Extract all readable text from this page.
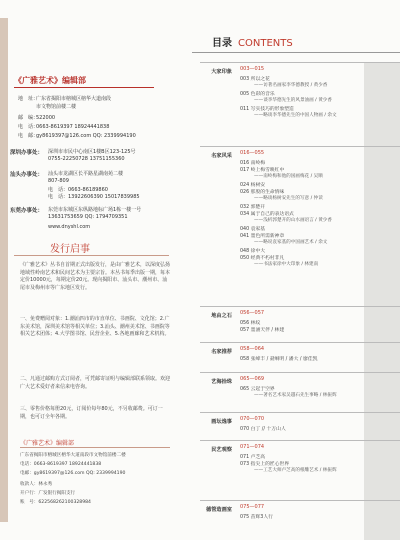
《广雅艺术》编辑部
地　址：广东省揭阳市榕城区榕华大道南段
市文物馆前楼二楼
邮　编：522000
电　话：0663-8619397 18924441838
电　邮：gy8619397@126.com QQ: 2339994190
深圳办事处： 深圳市市民中心南区1楼B区123-125号
0755-22250728 13751155360
汕头办事处： 汕头市龙湖区长平路星湖南苑二楼
807-809
电　话：0663-86189860
电　话：13922606390 15017839985
东莞办事处： 东莞市东城区东纵路地标广场1栋一楼一号
13631753659 QQ: 1794709351
www.dnyshl.com
发行启事
《广雅艺术》丛书自首期正式出版发行，是由广雅艺术，以深度弘扬地域性岭南艺术和民间艺术为主要宗旨。本丛书每季出版一期，每本定价10000元，每期定价20元。现向揭阳市、汕头市、潮州市、汕尾市及梅州市等广东地区发行。
一、免费赠阅对象：1.潮汕四市的市直单位、书画院、文化馆；2.广东美术馆，深圳美术馆等相关单位；3.汕头、潮州美术馆、书画院等相关艺术团体；4.大学图书馆、民营企业、5.各地画廊和艺术机构。
二、凡通过邮购方式订阅者，可凭邮寄证明与编辑部联系领取。欢迎广大艺术爱好者来信来电咨询。
三、零售价格每册20元，订阅价每年80元，不另收邮费。可订一期，也可订全年各期。
《广雅艺术》编辑部
广东省揭阳市榕城区榕华大道南段市文物馆前楼二楼
电话：0663-8619397 18924441838
电邮：gy8619397@126.com QQ: 2339994190
收款人：林永秀
开户行：广发银行揭阳支行
账　号：622568262100328984
目录 CONTENTS
大家印象 003—015
003 所以之花
——访著名画家李华德教授 / 黄少香
005 色彩的音乐
——谈李华德先生的风景油画 / 黄少香
011 写实技巧的形象塑造
——略谈李华德先生的中国人物画 / 余文
名家风采 016—055
016 南岭梅
017 岭上梅雪映红中
——南岭梅和他的国画梅花 / 吴顺
024 杨树安
026 那股的生命情味
——略谈杨树安先生的写意 / 仲读
032 郭楚开
034 属于自己的表达语式
——浅析郭楚开的山水画语言 / 黄少香
040 袁家基
041 墨色所需新神章
——略说袁家基的中国画艺术 / 余文
048 徐中大
050 经典不朽村非凡
——书法家徐中大印象 / 林建南
地由之石 056—057
056 林纹
057 墨涵天伴 / 林建
名家推荐 058—064
058 张峰丰 / 聂峒明 / 潘大 / 廖佳凯
艺海拾珠 065—069
065 云起于空界
——著名艺术家吴越石先生事略 / 林振辉
画坛逸事 070—070
070 白丁 // 十万山人
民艺观察 071—074
071 卢芝高
073 指尖上的匠心世界
——工艺大师卢芝高的根雕艺术 / 林振辉
德管造画室 075—077
075 苗辉3人行
